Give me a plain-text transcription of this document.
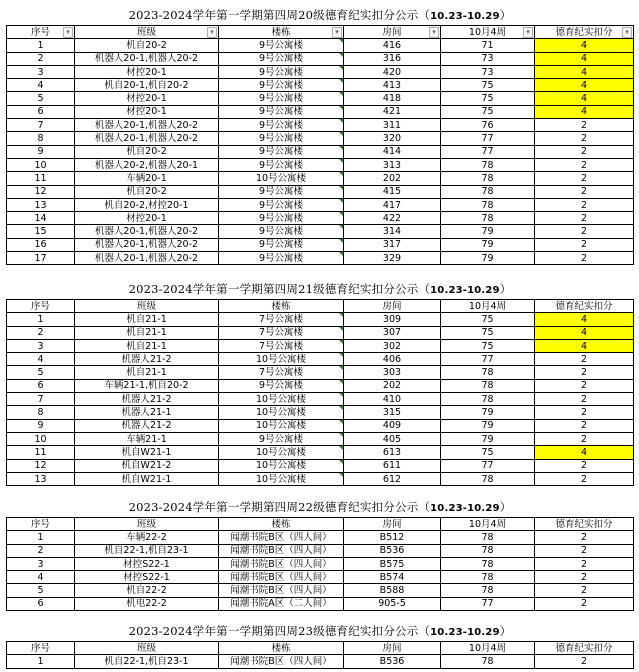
2023-2024学年第一学期第四周20级德育纪实扣分公示（10.23-10.29）					
序号 ▾	班级 ▾	楼栋 ▾	房间 ▾	10月4周 ▾	德育纪实扣分 ▾
1	机自20-2	9号公寓楼	416	71	4
2	机器人20-1,机器人20-2	9号公寓楼	316	73	4
3	材控20-1	9号公寓楼	420	73	4
4	机自20-1,机自20-2	9号公寓楼	413	75	4
5	材控20-1	9号公寓楼	418	75	4
6	材控20-1	9号公寓楼	421	75	4
7	机器人20-1,机器人20-2	9号公寓楼	311	76	2
8	机器人20-1,机器人20-2	9号公寓楼	320	77	2
9	机自20-2	9号公寓楼	414	77	2
10	机器人20-2,机器人20-1	9号公寓楼	313	78	2
11	车辆20-1	10号公寓楼	202	78	2
12	机自20-2	9号公寓楼	415	78	2
13	机自20-2,材控20-1	9号公寓楼	417	78	2
14	材控20-1	9号公寓楼	422	78	2
15	机器人20-1,机器人20-2	9号公寓楼	314	79	2
16	机器人20-1,机器人20-2	9号公寓楼	317	79	2
17	机器人20-1,机器人20-2	9号公寓楼	329	79	2
2023-2024学年第一学期第四周21级德育纪实扣分公示（10.23-10.29）					
序号	班级	楼栋	房间	10月4周	德育纪实扣分
1	机自21-1	7号公寓楼	309	75	4
2	机自21-1	7号公寓楼	307	75	4
3	机自21-1	7号公寓楼	302	75	4
4	机器人21-2	10号公寓楼	406	77	2
5	机自21-1	7号公寓楼	303	78	2
6	车辆21-1,机自20-2	9号公寓楼	202	78	2
7	机器人21-2	10号公寓楼	410	78	2
8	机器人21-1	10号公寓楼	315	79	2
9	机器人21-2	10号公寓楼	409	79	2
10	车辆21-1	9号公寓楼	405	79	2
11	机自W21-1	10号公寓楼	613	75	4
12	机自W21-2	10号公寓楼	611	77	2
13	机自W21-1	10号公寓楼	612	78	2
2023-2024学年第一学期第四周22级德育纪实扣分公示（10.23-10.29）					
序号	班级	楼栋	房间	10月4周	德育纪实扣分
1	车辆22-2	闻潮书院B区（四人间）	B512	78	2
2	机自22-1,机自23-1	闻潮书院B区（四人间）	B536	78	2
3	材控S22-1	闻潮书院B区（四人间）	B575	78	2
4	材控S22-1	闻潮书院B区（四人间）	B574	78	2
5	机自22-2	闻潮书院B区（四人间）	B588	78	2
6	机电22-2	闻潮书院A区（二人间）	905-5	77	2
2023-2024学年第一学期第四周23级德育纪实扣分公示（10.23-10.29）					
序号	班级	楼栋	房间	10月4周	德育纪实扣分
1	机自22-1,机自23-1	闻潮书院B区（四人间）	B536	78	2
